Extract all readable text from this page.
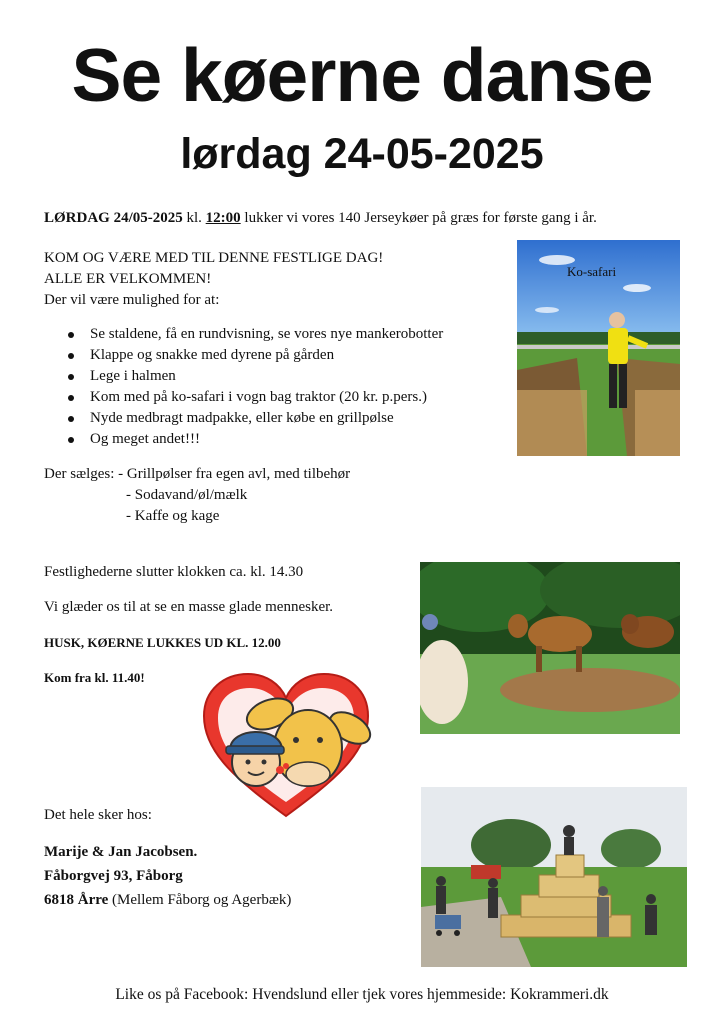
Se køerne danse
lørdag 24-05-2025
LØRDAG 24/05-2025 kl. 12:00 lukker vi vores 140 Jerseykøer på græs for første gang i år.
KOM OG VÆRE MED TIL DENNE FESTLIGE DAG!
ALLE ER VELKOMMEN!
Der vil være mulighed for at:
Se staldene, få en rundvisning, se vores nye mankerobotter
Klappe og snakke med dyrene på gården
Lege i halmen
Kom med på ko-safari i vogn bag traktor (20 kr. p.pers.)
Nyde medbragt madpakke, eller købe en grillpølse
Og meget andet!!!
Der sælges: - Grillpølser fra egen avl, med tilbehør
- Sodavand/øl/mælk
- Kaffe og kage
Festlighederne slutter klokken ca. kl. 14.30
Vi glæder os til at se en masse glade mennesker.
HUSK, KØERNE LUKKES UD KL. 12.00
Kom fra kl. 11.40!
Ko-safari
Det hele sker hos:
Marije & Jan Jacobsen.
Fåborgvej 93, Fåborg
6818 Årre (Mellem Fåborg og Agerbæk)
Like os på Facebook: Hvendslund eller tjek vores hjemmeside: Kokrammeri.dk
